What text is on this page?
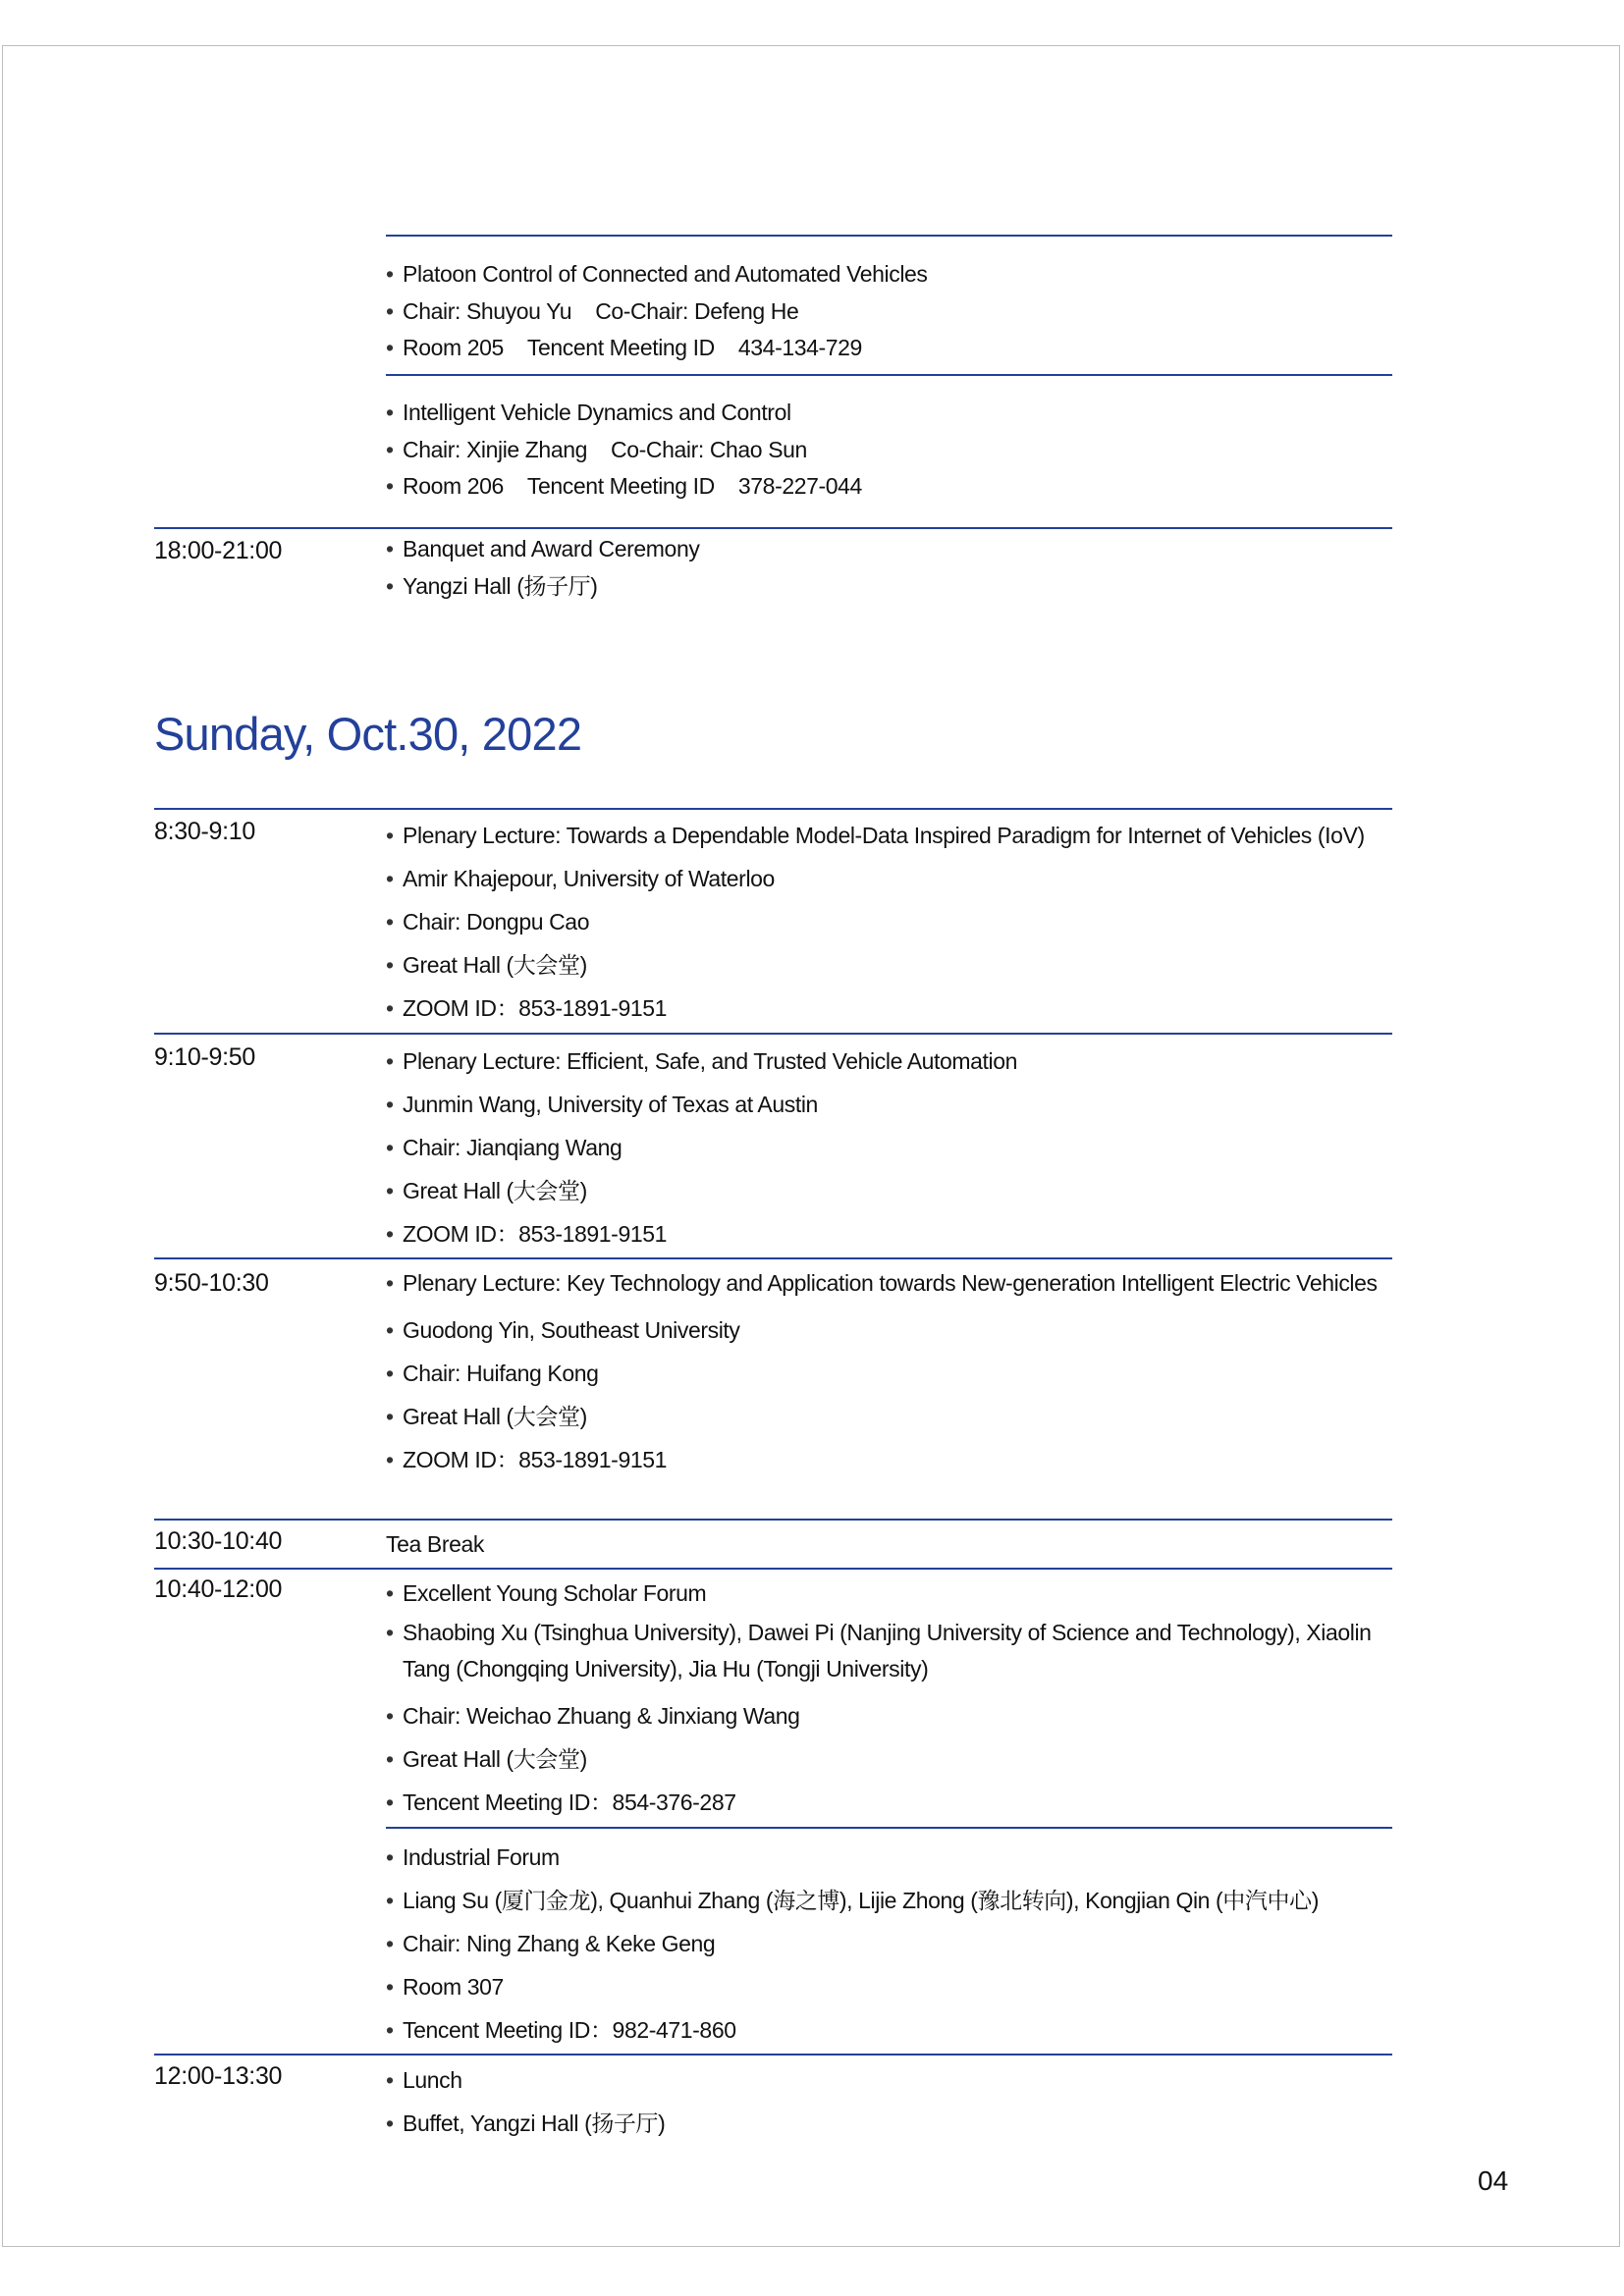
• Platoon Control of Connected and Automated Vehicles
• Chair: Shuyou Yu Co-Chair: Defeng He
• Room 205 Tencent Meeting ID 434-134-729
• Intelligent Vehicle Dynamics and Control
• Chair: Xinjie Zhang Co-Chair: Chao Sun
• Room 206 Tencent Meeting ID 378-227-044
18:00-21:00	• Banquet and Award Ceremony
• Yangzi Hall (扬子厅)
Sunday, Oct.30, 2022
8:30-9:10	• Plenary Lecture: Towards a Dependable Model-Data Inspired Paradigm for Internet of Vehicles (IoV)
• Amir Khajepour, University of Waterloo
• Chair: Dongpu Cao
• Great Hall (大会堂)
• ZOOM ID：853-1891-9151
9:10-9:50	• Plenary Lecture: Efficient, Safe, and Trusted Vehicle Automation
• Junmin Wang, University of Texas at Austin
• Chair: Jianqiang Wang
• Great Hall (大会堂)
• ZOOM ID：853-1891-9151
9:50-10:30	• Plenary Lecture: Key Technology and Application towards New-generation Intelligent Electric Vehicles
• Guodong Yin, Southeast University
• Chair: Huifang Kong
• Great Hall (大会堂)
• ZOOM ID：853-1891-9151
10:30-10:40	Tea Break
10:40-12:00	• Excellent Young Scholar Forum
• Shaobing Xu (Tsinghua University), Dawei Pi (Nanjing University of Science and Technology), Xiaolin Tang (Chongqing University), Jia Hu (Tongji University)
• Chair: Weichao Zhuang & Jinxiang Wang
• Great Hall (大会堂)
• Tencent Meeting ID：854-376-287
• Industrial Forum
• Liang Su (厦门金龙), Quanhui Zhang (海之博), Lijie Zhong (豫北转向), Kongjian Qin (中汽中心)
• Chair: Ning Zhang & Keke Geng
• Room 307
• Tencent Meeting ID：982-471-860
12:00-13:30	• Lunch
• Buffet, Yangzi Hall (扬子厅)
04
